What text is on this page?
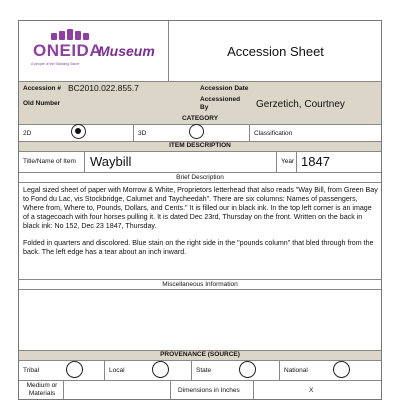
ONEIDA
A people of the Standing Stone
Museum	Accession Sheet
Accession # BC2010.022.855.7	Accession Date
Old Number
Accessioned By	Gerzetich, Courtney
CATEGORY
2D	3D	Classification
ITEM DESCRIPTION
Title/Name of Item Waybill	Year 1847
Brief Description
Legal sized sheet of paper with Morrow & White, Proprietors letterhead that also reads "Way Bill, from Green Bay to Fond du Lac, vis Stockbridge, Calumet and Taycheedah". There are six columns: Names of passengers, Where from, Where to, Pounds, Dollars, and Cents." It is filled our in black ink. In the top left corner is an image of a stagecoach with four horses pulling it. It is dated Dec 23rd, Thursday on the front. Written on the back in black ink: No 152, Dec 23 1847, Thursday.

Folded in quarters and discolored. Blue stain on the right side in the "pounds column" that bled through from the back. The left edge has a tear about an inch inward.
Miscellaneous Information
PROVENANCE (SOURCE)
Tribal	Local	State	National
Medium or Materials	Dimensions in Inches	X
